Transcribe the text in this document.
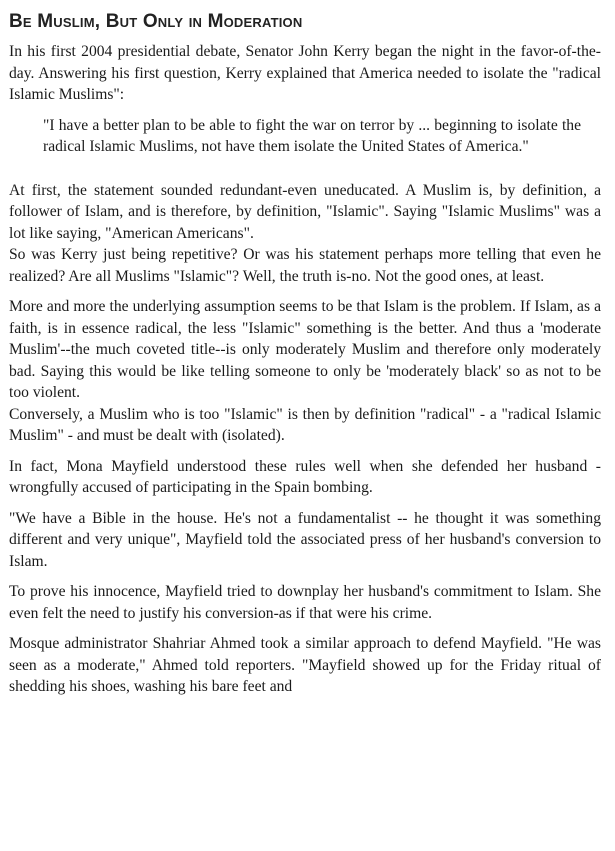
Be Muslim, But Only in Moderation

In his first 2004 presidential debate, Senator John Kerry began the night in the favor-of-the-day. Answering his first question, Kerry explained that America needed to isolate the "radical Islamic Muslims":

"I have a better plan to be able to fight the war on terror by ... beginning to isolate the radical Islamic Muslims, not have them isolate the United States of America."

At first, the statement sounded redundant-even uneducated. A Muslim is, by definition, a follower of Islam, and is therefore, by definition, "Islamic". Saying "Islamic Muslims" was a lot like saying, "American Americans".

So was Kerry just being repetitive? Or was his statement perhaps more telling that even he realized? Are all Muslims "Islamic"? Well, the truth is-no. Not the good ones, at least.

More and more the underlying assumption seems to be that Islam is the problem. If Islam, as a faith, is in essence radical, the less "Islamic" something is the better. And thus a 'moderate Muslim'--the much coveted title--is only moderately Muslim and therefore only moderately bad. Saying this would be like telling someone to only be 'moderately black' so as not to be too violent.

Conversely, a Muslim who is too "Islamic" is then by definition "radical" - a "radical Islamic Muslim" - and must be dealt with (isolated).

In fact, Mona Mayfield understood these rules well when she defended her husband - wrongfully accused of participating in the Spain bombing.

"We have a Bible in the house. He's not a fundamentalist -- he thought it was something different and very unique", Mayfield told the associated press of her husband's conversion to Islam.

To prove his innocence, Mayfield tried to downplay her husband's commitment to Islam. She even felt the need to justify his conversion-as if that were his crime.

Mosque administrator Shahriar Ahmed took a similar approach to defend Mayfield. "He was seen as a moderate," Ahmed told reporters. "Mayfield showed up for the Friday ritual of shedding his shoes, washing his bare feet and
